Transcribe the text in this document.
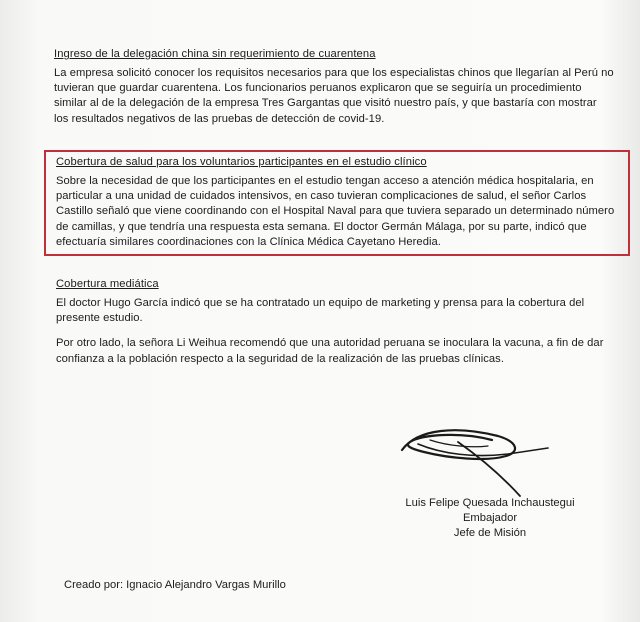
Ingreso de la delegación china sin requerimiento de cuarentena

La empresa solicitó conocer los requisitos necesarios para que los especialistas chinos que llegarían al Perú no tuvieran que guardar cuarentena. Los funcionarios peruanos explicaron que se seguiría un procedimiento similar al de la delegación de la empresa Tres Gargantas que visitó nuestro país, y que bastaría con mostrar los resultados negativos de las pruebas de detección de covid-19.

Cobertura de salud para los voluntarios participantes en el estudio clínico

Sobre la necesidad de que los participantes en el estudio tengan acceso a atención médica hospitalaria, en particular a una unidad de cuidados intensivos, en caso tuvieran complicaciones de salud, el señor Carlos Castillo señaló que viene coordinando con el Hospital Naval para que tuviera separado un determinado número de camillas, y que tendría una respuesta esta semana. El doctor Germán Málaga, por su parte, indicó que efectuaría similares coordinaciones con la Clínica Médica Cayetano Heredia.

Cobertura mediática

El doctor Hugo García indicó que se ha contratado un equipo de marketing y prensa para la cobertura del presente estudio.

Por otro lado, la señora Li Weihua recomendó que una autoridad peruana se inoculara la vacuna, a fin de dar confianza a la población respecto a la seguridad de la realización de las pruebas clínicas.

Luis Felipe Quesada Inchaustegui
Embajador
Jefe de Misión
Creado por: Ignacio Alejandro Vargas Murillo
